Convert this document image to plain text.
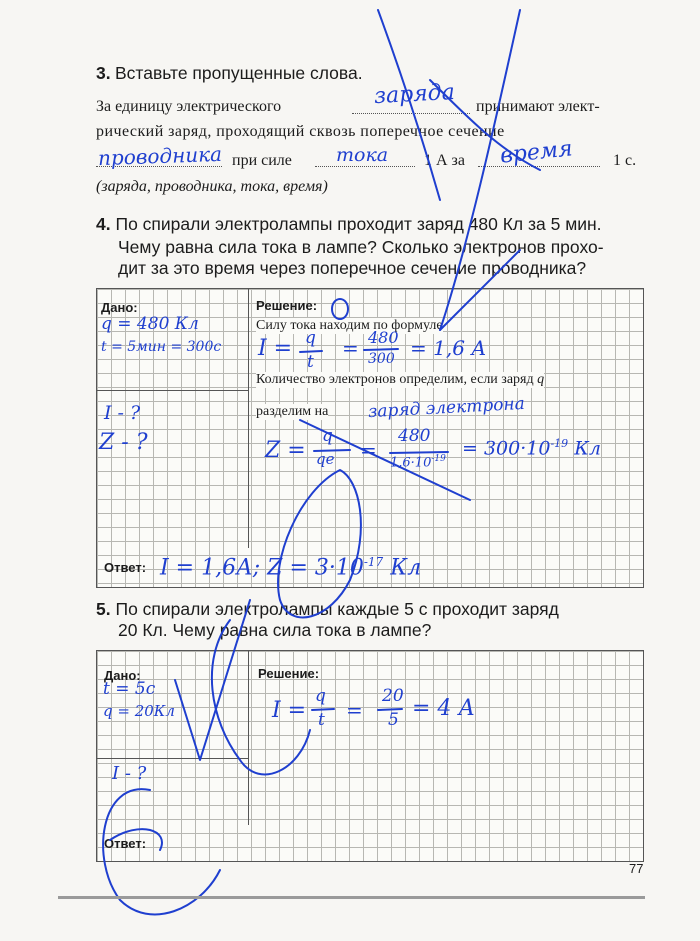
3. Вставьте пропущенные слова.
За единицу электрического	принимают элект-
рический заряд, проходящий сквозь поперечное сечение
при силе	1 А за	1 с.
(заряда, проводника, тока, время)
заряда
проводника	тока	время
4. По спирали электролампы проходит заряд 480 Кл за 5 мин.
Чему равна сила тока в лампе? Сколько электронов прохо-
дит за это время через поперечное сечение проводника?
Дано:	Решение:
Силу тока находим по формуле
Количество электронов определим, если заряд q
разделим на
Ответ:
q = 480 Кл
t = 5мин = 300с
I - ?
Z - ?
I = q
t
= 480
300 = 1,6 А
заряд электрона
Z =
q
qe =
480
$1,6\cdot 10^{-19} = 300\cdot 10^{-19}$ Кл
I = 1,6А; $Z = 3\cdot 10^{-17}$ Кл
5. По спирали электролампы каждые 5 с проходит заряд
20 Кл. Чему равна сила тока в лампе?
Дано:	Решение:
Ответ:
t = 5с
q = 20Кл
I - ?
I =
q
t =
20
5 = 4 А
77
